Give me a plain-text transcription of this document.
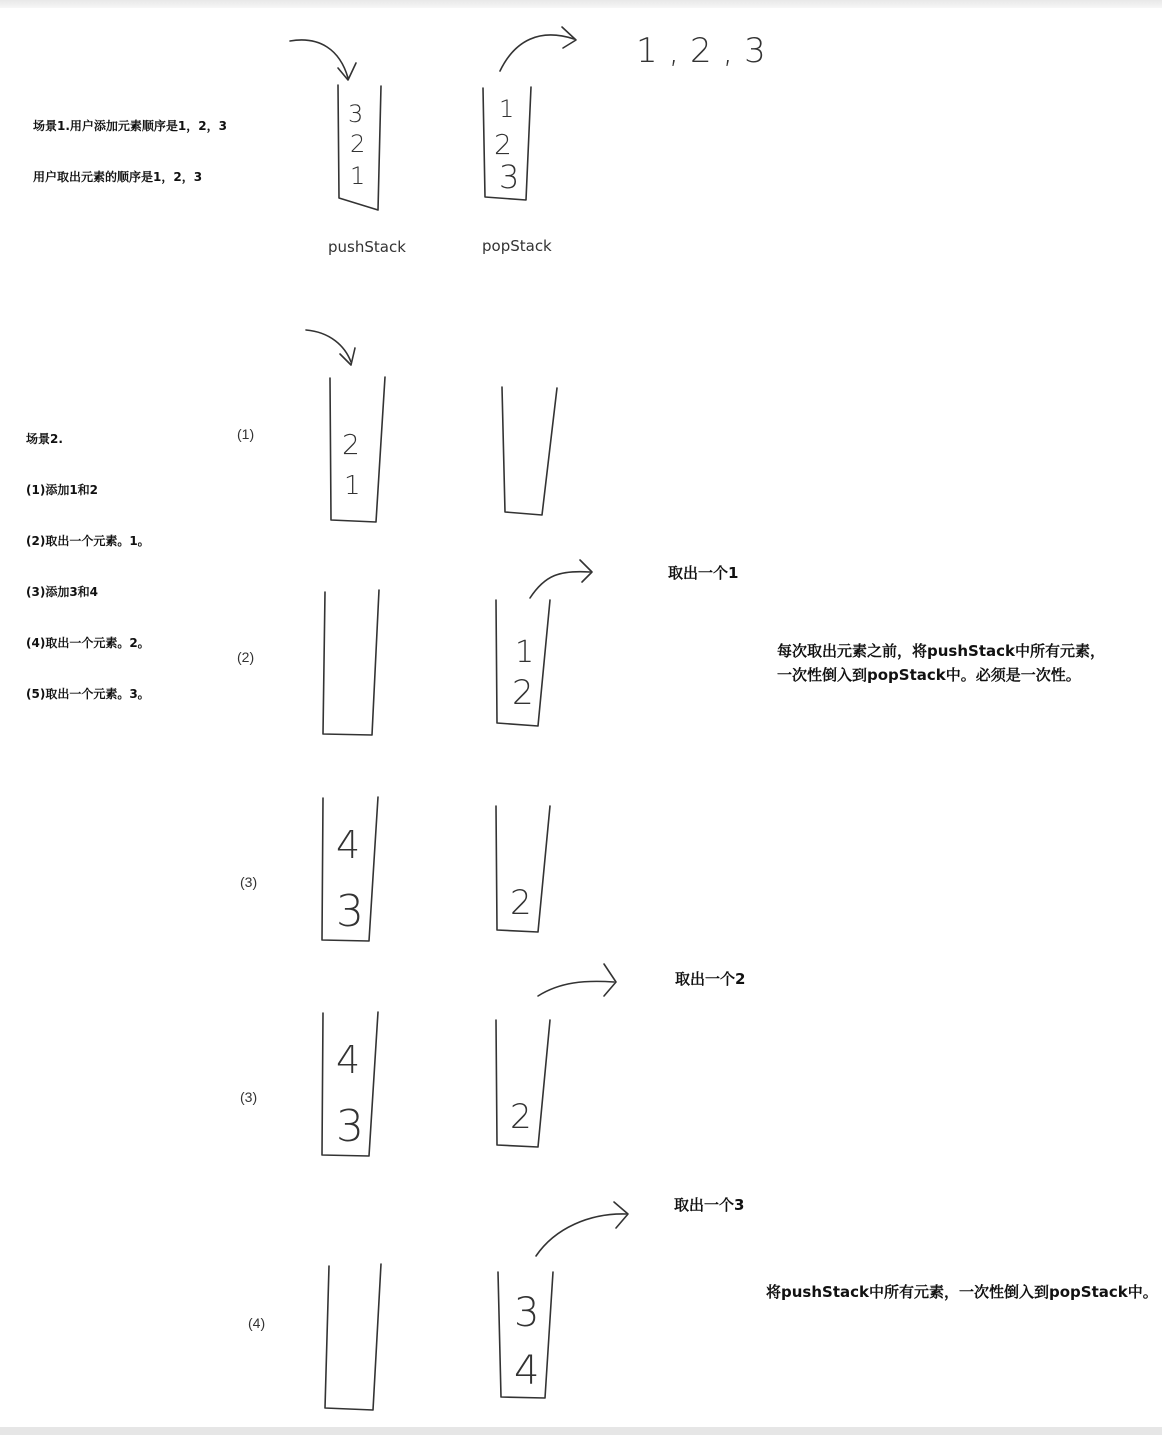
场景1.用户添加元素顺序是1，2，3

用户取出元素的顺序是1，2，3

场景2.

(1)添加1和2

(2)取出一个元素。1。

(3)添加3和4

(4)取出一个元素。2。

(5)取出一个元素。3。

(1)
(2)
(3)
(3)
(4)
取出一个1
取出一个2
取出一个3
每次取出元素之前，将pushStack中所有元素，
一次性倒入到popStack中。必须是一次性。
将pushStack中所有元素，一次性倒入到popStack中。
3
2
1
1
2
3
1 , 2 , 3
pushStack	popStack
2
1
1
2
4
3	2
4
3	2
3
4
